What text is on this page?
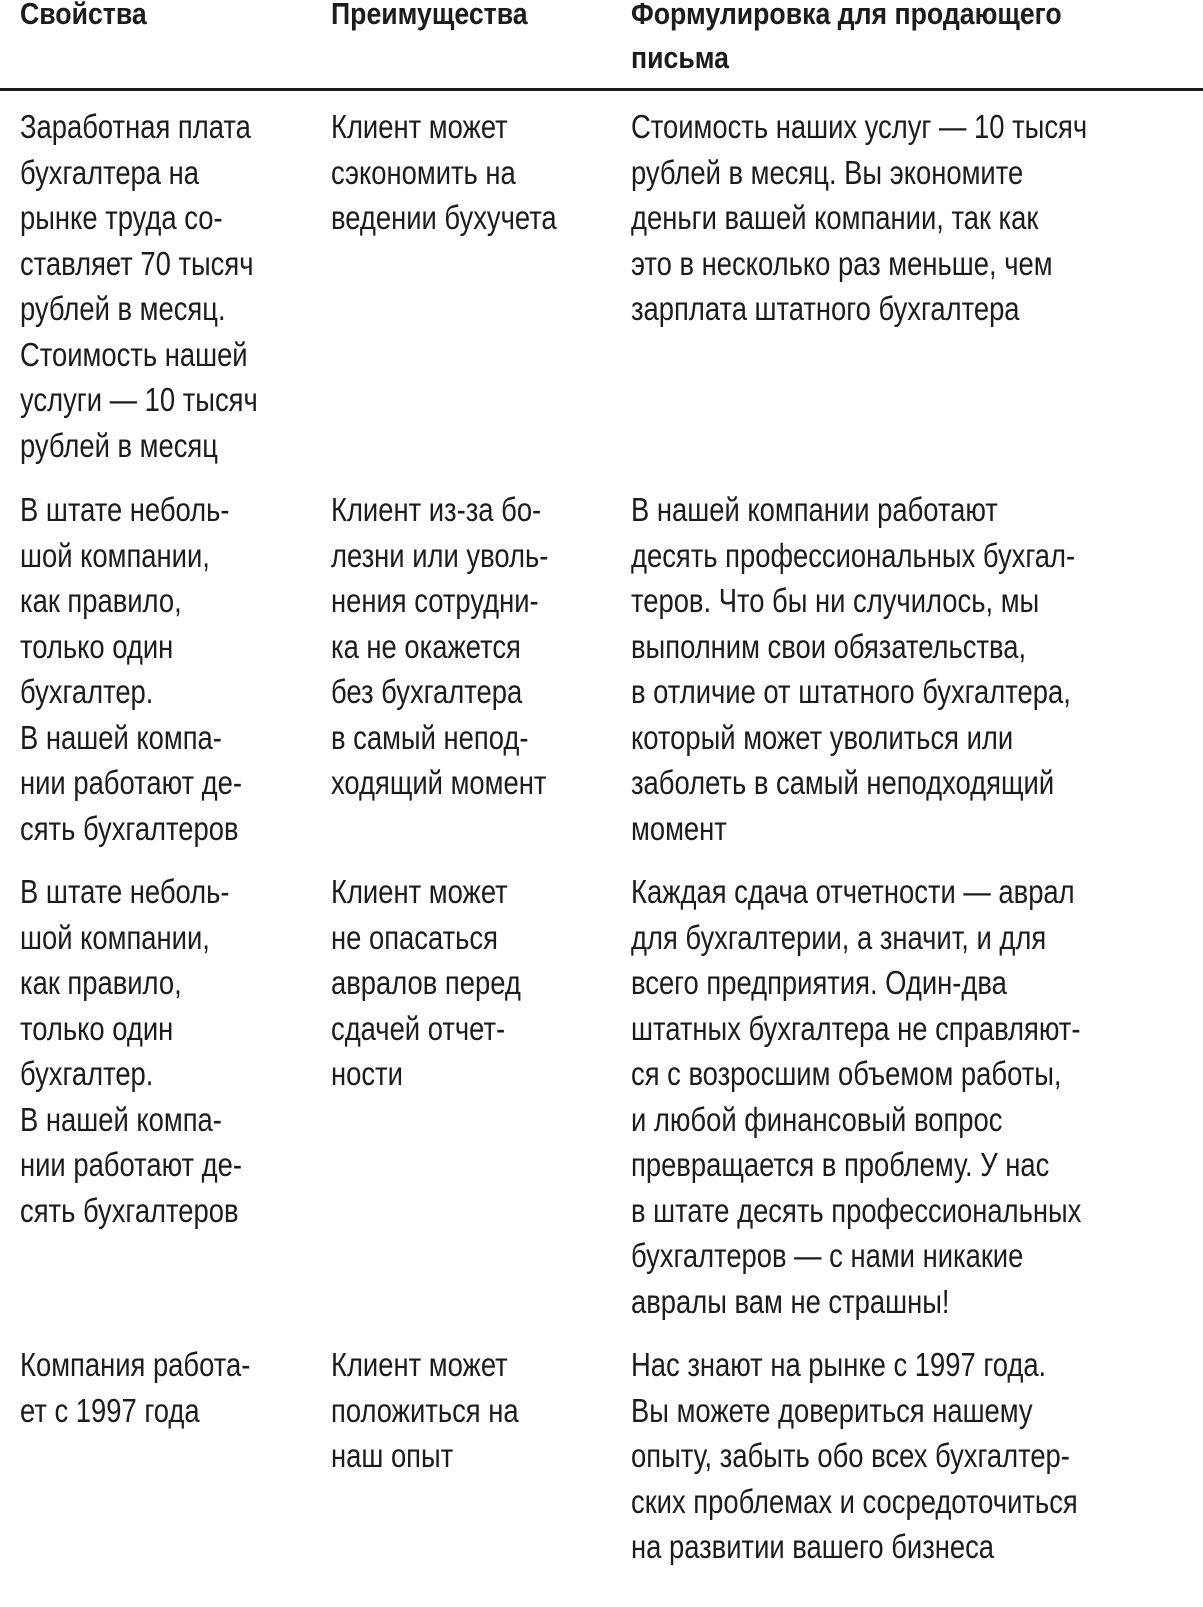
Свойства	Преимущества	Формулировка для продающего
письма
Заработная плата
бухгалтера на
рынке труда со-
ставляет 70 тысяч
рублей в месяц.
Стоимость нашей
услуги — 10 тысяч
рублей в месяц
Клиент может
сэкономить на
ведении бухучета
Стоимость наших услуг — 10 тысяч
рублей в месяц. Вы экономите
деньги вашей компании, так как
это в несколько раз меньше, чем
зарплата штатного бухгалтера
В штате неболь-
шой компании,
как правило,
только один
бухгалтер.
В нашей компа-
нии работают де-
сять бухгалтеров
Клиент из-за бо-
лезни или уволь-
нения сотрудни-
ка не окажется
без бухгалтера
в самый непод-
ходящий момент
В нашей компании работают
десять профессиональных бухгал-
теров. Что бы ни случилось, мы
выполним свои обязательства,
в отличие от штатного бухгалтера,
который может уволиться или
заболеть в самый неподходящий
момент
В штате неболь-
шой компании,
как правило,
только один
бухгалтер.
В нашей компа-
нии работают де-
сять бухгалтеров
Клиент может
не опасаться
авралов перед
сдачей отчет-
ности
Каждая сдача отчетности — аврал
для бухгалтерии, а значит, и для
всего предприятия. Один-два
штатных бухгалтера не справляют-
ся с возросшим объемом работы,
и любой финансовый вопрос
превращается в проблему. У нас
в штате десять профессиональных
бухгалтеров — с нами никакие
авралы вам не страшны!
Компания работа-
ет с 1997 года
Клиент может
положиться на
наш опыт
Нас знают на рынке с 1997 года.
Вы можете довериться нашему
опыту, забыть обо всех бухгалтер-
ских проблемах и сосредоточиться
на развитии вашего бизнеса
